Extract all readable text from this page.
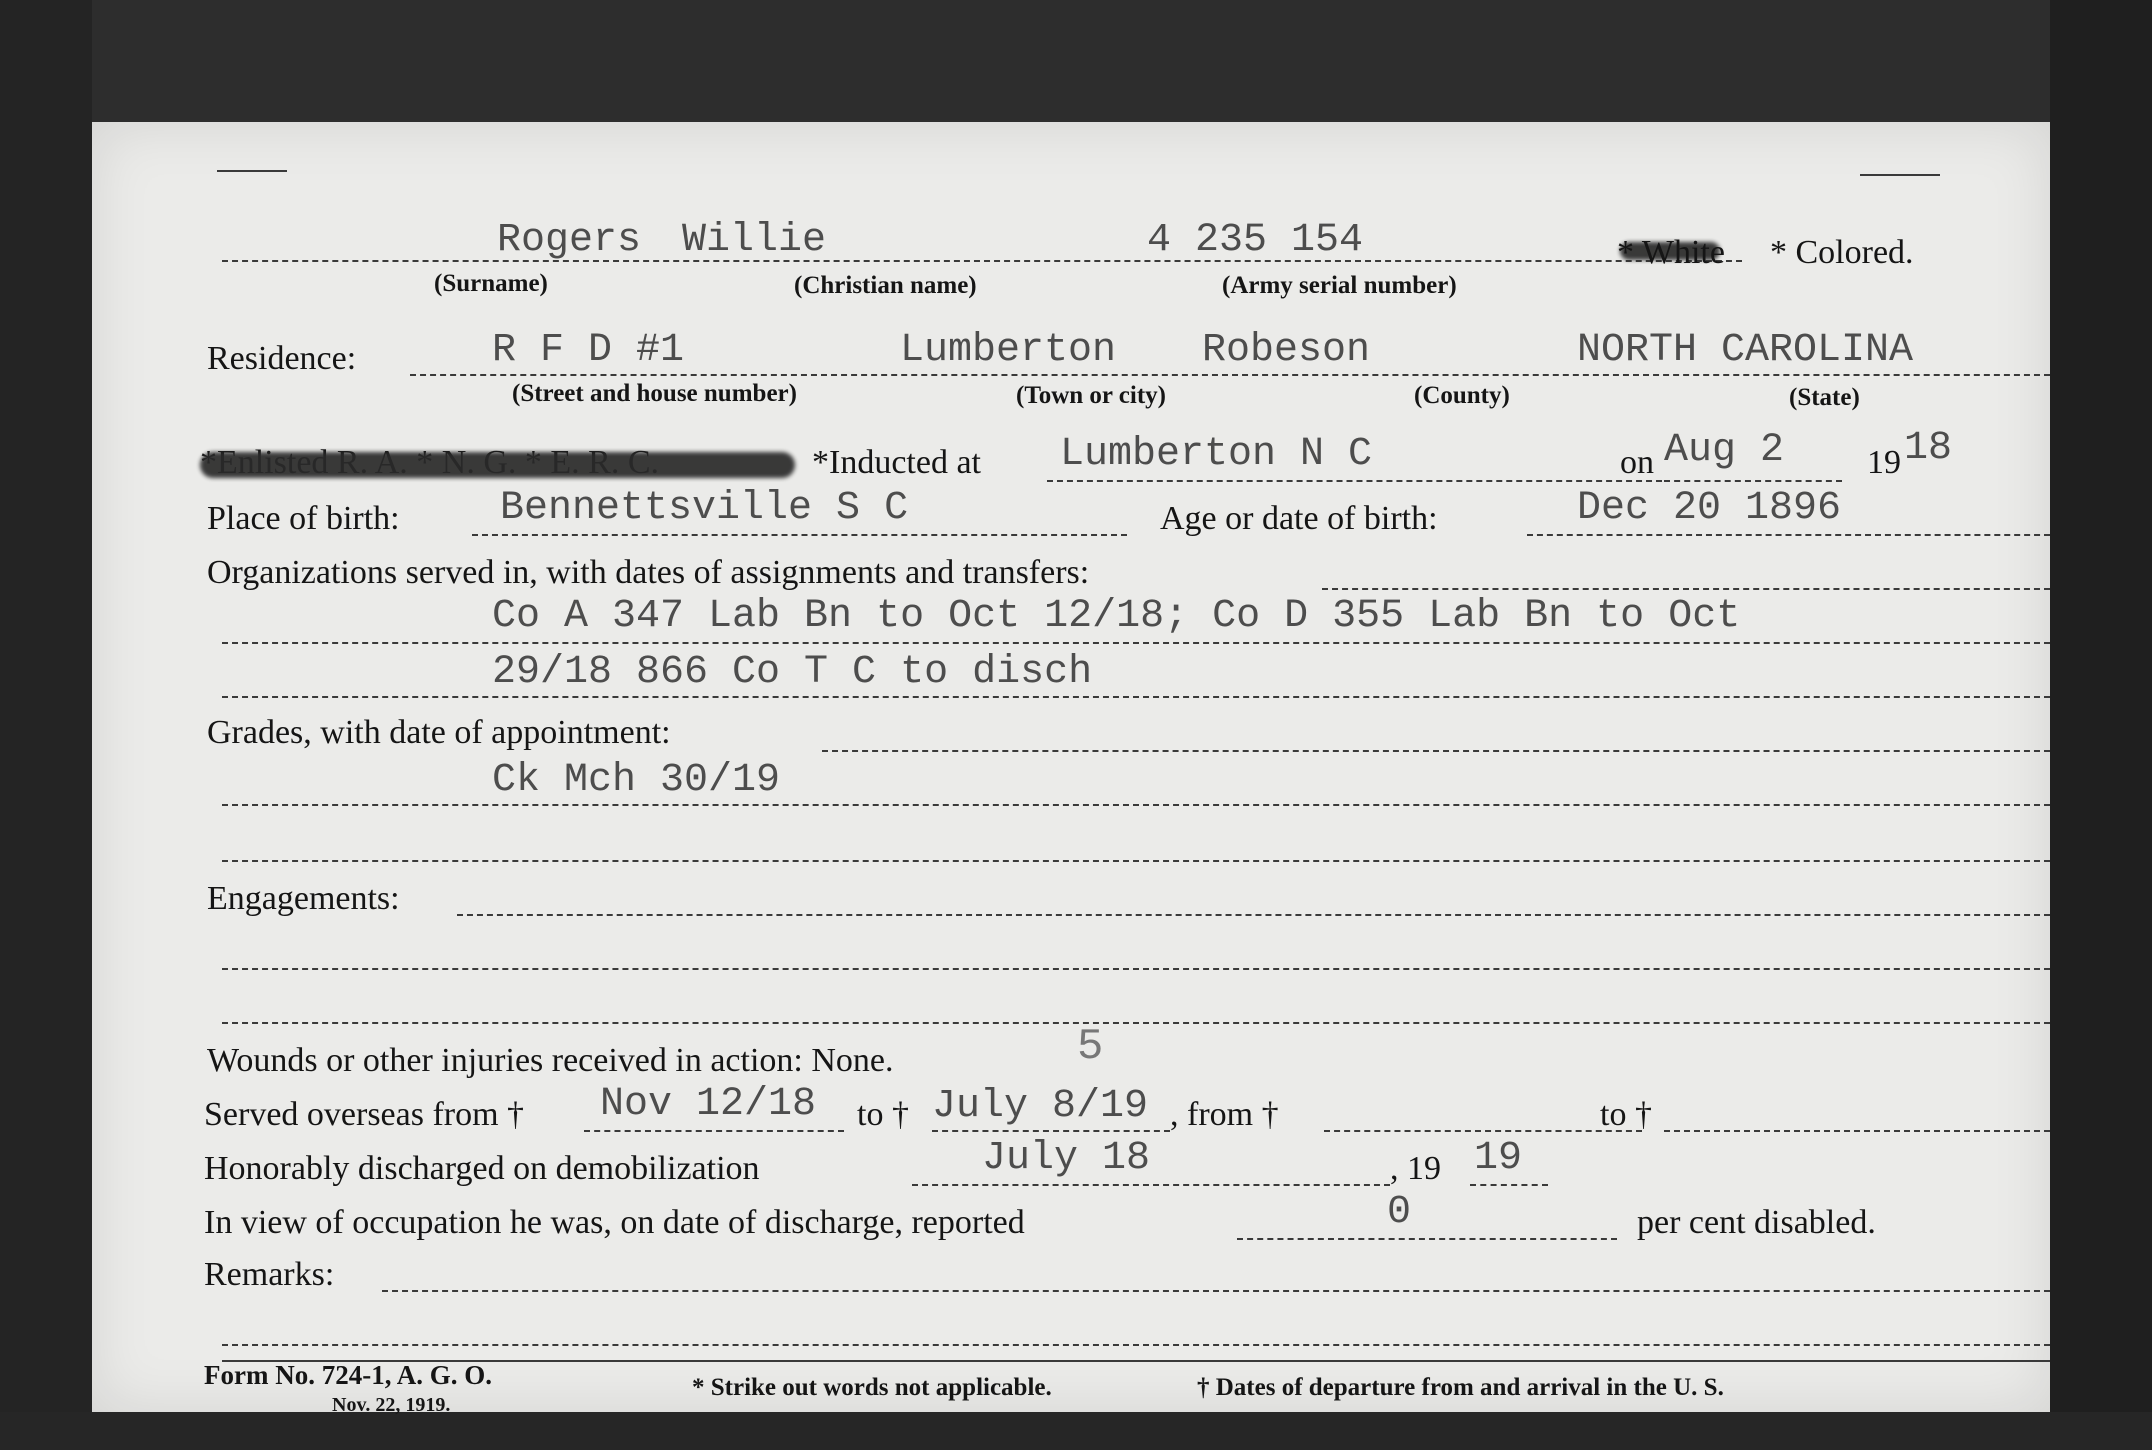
Rogers Willie	4 235 154	* White * Colored.
(Surname)	(Christian name)	(Army serial number)
Residence:	R F D #1	Lumberton Robeson	NORTH CAROLINA
(Street and house number)	(Town or city)	(County)	(State)
*Inducted at Lumberton N C	on Aug 2 19 18
Place of birth:	Bennettsville S C	Age or date of birth:	Dec 20 1896
Organizations served in, with dates of assignments and transfers:
Co A 347 Lab Bn to Oct 12/18; Co D 355 Lab Bn to Oct
29/18 866 Co T C to disch
Grades, with date of appointment:
Ck Mch 30/19
Engagements:
Wounds or other injuries received in action: None.	5
Served overseas from † Nov 12/18 to † July 8/19 , from †	to †
Honorably discharged on demobilization	July 18	, 19 19
In view of occupation he was, on date of discharge, reported	0	per cent disabled.
Remarks:
Form No. 724-1, A. G. O.
Nov. 22, 1919.
* Strike out words not applicable.	† Dates of departure from and arrival in the U. S.
